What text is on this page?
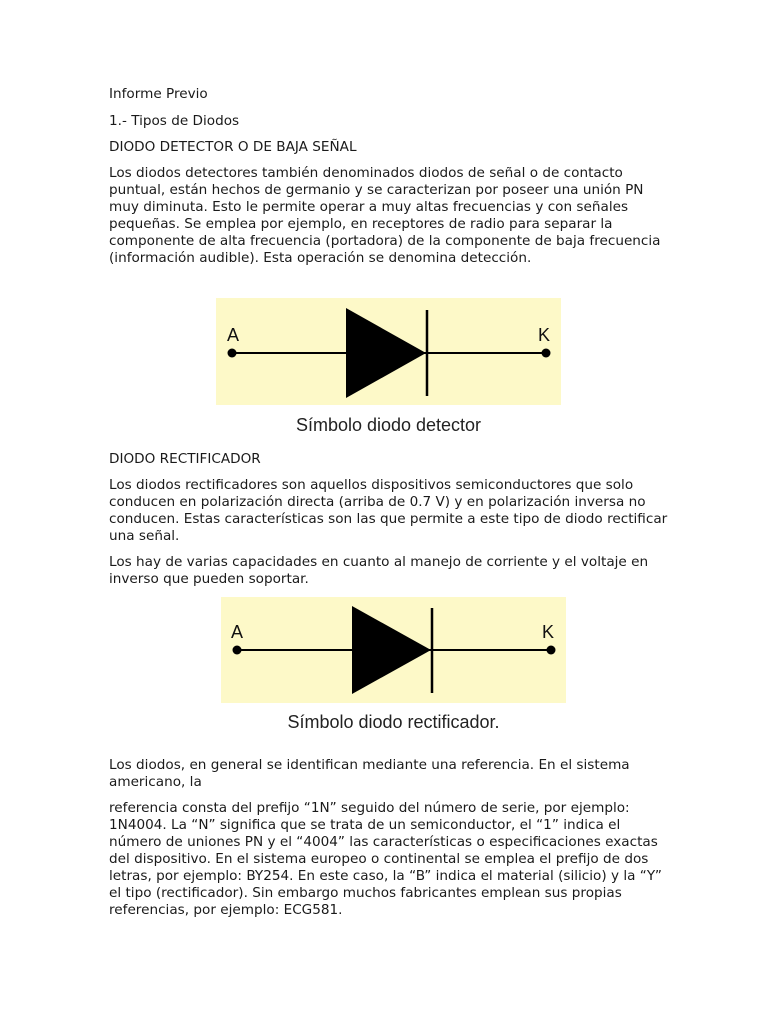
Informe Previo

1.- Tipos de Diodos

DIODO DETECTOR O DE BAJA SEÑAL

Los diodos detectores también denominados diodos de señal o de contacto puntual, están hechos de germanio y se caracterizan por poseer una unión PN muy diminuta. Esto le permite operar a muy altas frecuencias y con señales pequeñas. Se emplea por ejemplo, en receptores de radio para separar la componente de alta frecuencia (portadora) de la componente de baja frecuencia (información audible). Esta operación se denomina detección.

A	K
Símbolo diodo detector

DIODO RECTIFICADOR

Los diodos rectificadores son aquellos dispositivos semiconductores que solo conducen en polarización directa (arriba de 0.7 V) y en polarización inversa no conducen. Estas características son las que permite a este tipo de diodo rectificar una señal.

Los hay de varias capacidades en cuanto al manejo de corriente y el voltaje en inverso que pueden soportar.

A	K
Símbolo diodo rectificador.

Los diodos, en general se identifican mediante una referencia. En el sistema americano, la

referencia consta del prefijo “1N” seguido del número de serie, por ejemplo: 1N4004. La “N” significa que se trata de un semiconductor, el “1” indica el número de uniones PN y el “4004” las características o especificaciones exactas del dispositivo. En el sistema europeo o continental se emplea el prefijo de dos letras, por ejemplo: BY254. En este caso, la “B” indica el material (silicio) y la “Y” el tipo (rectificador). Sin embargo muchos fabricantes emplean sus propias referencias, por ejemplo: ECG581.
